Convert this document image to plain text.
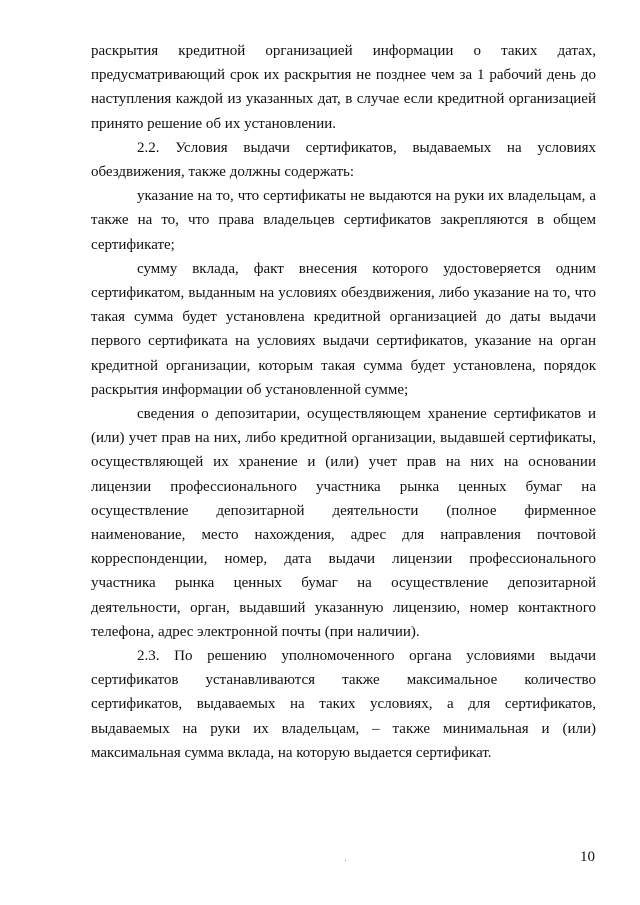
раскрытия кредитной организацией информации о таких датах, предусматривающий срок их раскрытия не позднее чем за 1 рабочий день до наступления каждой из указанных дат, в случае если кредитной организацией принято решение об их установлении.

2.2. Условия выдачи сертификатов, выдаваемых на условиях обездвижения, также должны содержать:

указание на то, что сертификаты не выдаются на руки их владельцам, а также на то, что права владельцев сертификатов закрепляются в общем сертификате;

сумму вклада, факт внесения которого удостоверяется одним сертификатом, выданным на условиях обездвижения, либо указание на то, что такая сумма будет установлена кредитной организацией до даты выдачи первого сертификата на условиях выдачи сертификатов, указание на орган кредитной организации, которым такая сумма будет установлена, порядок раскрытия информации об установленной сумме;

сведения о депозитарии, осуществляющем хранение сертификатов и (или) учет прав на них, либо кредитной организации, выдавшей сертификаты, осуществляющей их хранение и (или) учет прав на них на основании лицензии профессионального участника рынка ценных бумаг на осуществление депозитарной деятельности (полное фирменное наименование, место нахождения, адрес для направления почтовой корреспонденции, номер, дата выдачи лицензии профессионального участника рынка ценных бумаг на осуществление депозитарной деятельности, орган, выдавший указанную лицензию, номер контактного телефона, адрес электронной почты (при наличии).

2.3. По решению уполномоченного органа условиями выдачи сертификатов устанавливаются также максимальное количество сертификатов, выдаваемых на таких условиях, а для сертификатов, выдаваемых на руки их владельцам, – также минимальная и (или) максимальная сумма вклада, на которую выдается сертификат.

10
